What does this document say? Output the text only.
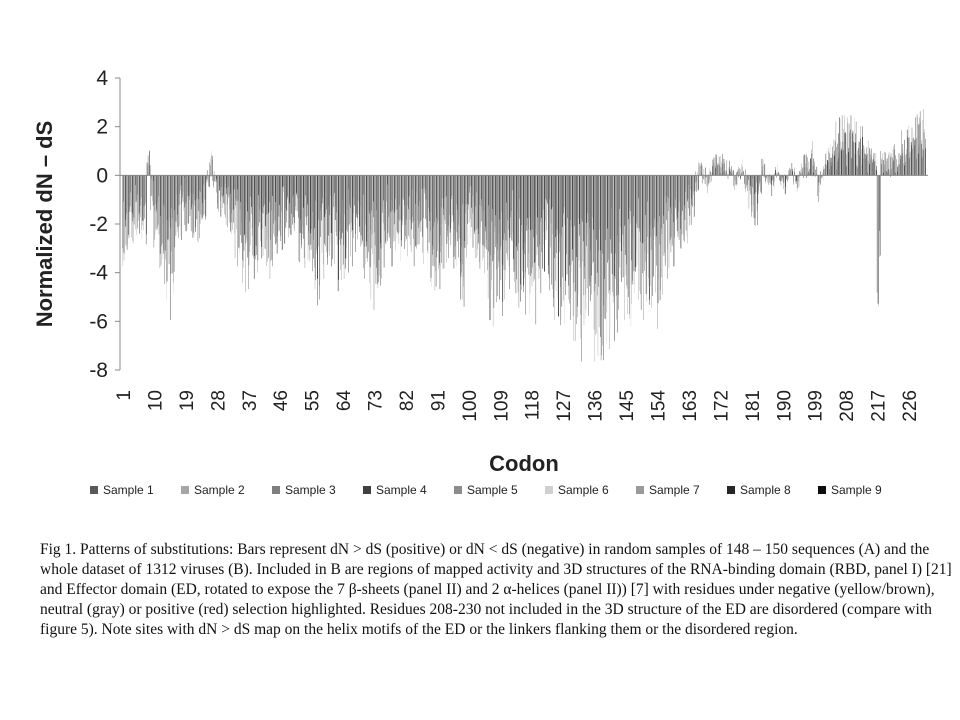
4
2
0
-2
-4
-6
-8
1 10 19 28 37 46 55 64 73 82 91 100 109 118 127 136 145 154 163 172 181 190 199 208 217 226
Normalized dN – dS
Codon
Sample 1	Sample 2	Sample 3	Sample 4	Sample 5	Sample 6	Sample 7	Sample 8	Sample 9

Fig 1. Patterns of substitutions: Bars represent dN > dS (positive) or dN < dS (negative) in random samples of 148 – 150 sequences (A) and the whole dataset of 1312 viruses (B). Included in B are regions of mapped activity and 3D structures of the RNA-binding domain (RBD, panel I) [21] and Effector domain (ED, rotated to expose the 7 β-sheets (panel II) and 2 α-helices (panel II)) [7] with residues under negative (yellow/brown), neutral (gray) or positive (red) selection highlighted. Residues 208-230 not included in the 3D structure of the ED are disordered (compare with figure 5). Note sites with dN > dS map on the helix motifs of the ED or the linkers flanking them or the disordered region.
